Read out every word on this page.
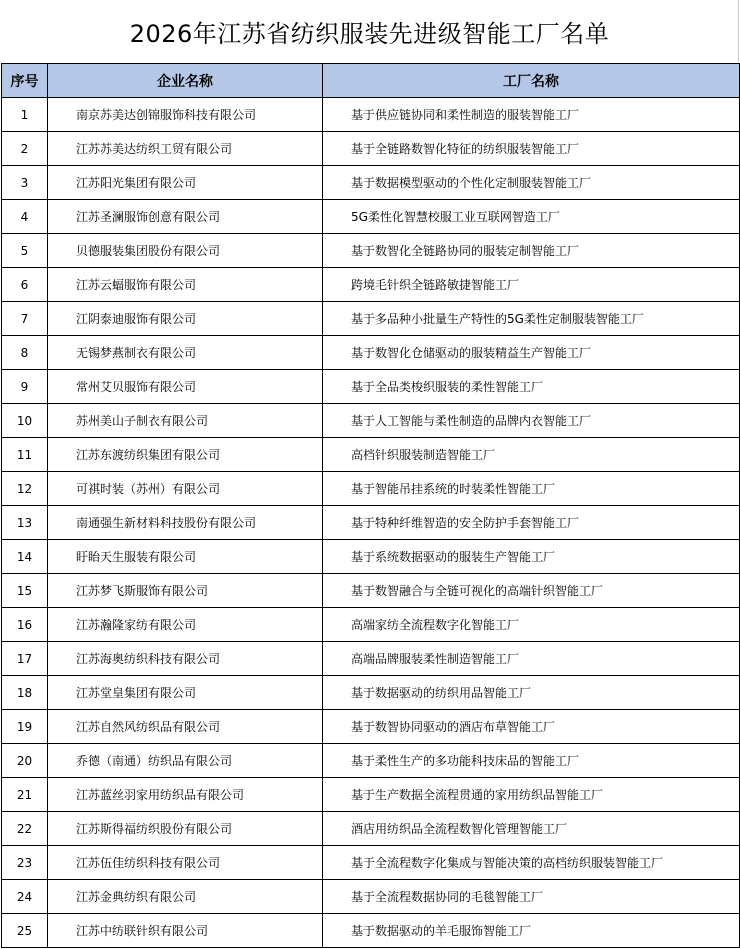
2026年江苏省纺织服装先进级智能工厂名单
序号	企业名称	工厂名称
1	南京苏美达创锦服饰科技有限公司	基于供应链协同和柔性制造的服装智能工厂
2	江苏苏美达纺织工贸有限公司	基于全链路数智化特征的纺织服装智能工厂
3	江苏阳光集团有限公司	基于数据模型驱动的个性化定制服装智能工厂
4	江苏圣澜服饰创意有限公司	5G柔性化智慧校服工业互联网智造工厂
5	贝德服装集团股份有限公司	基于数智化全链路协同的服装定制智能工厂
6	江苏云蝠服饰有限公司	跨境毛针织全链路敏捷智能工厂
7	江阴泰迪服饰有限公司	基于多品种小批量生产特性的5G柔性定制服装智能工厂
8	无锡梦燕制衣有限公司	基于数智化仓储驱动的服装精益生产智能工厂
9	常州艾贝服饰有限公司	基于全品类梭织服装的柔性智能工厂
10	苏州美山子制衣有限公司	基于人工智能与柔性制造的品牌内衣智能工厂
11	江苏东渡纺织集团有限公司	高档针织服装制造智能工厂
12	可祺时装（苏州）有限公司	基于智能吊挂系统的时装柔性智能工厂
13	南通强生新材料科技股份有限公司	基于特种纤维智造的安全防护手套智能工厂
14	盱眙天生服装有限公司	基于系统数据驱动的服装生产智能工厂
15	江苏梦飞斯服饰有限公司	基于数智融合与全链可视化的高端针织智能工厂
16	江苏瀚隆家纺有限公司	高端家纺全流程数字化智能工厂
17	江苏海奥纺织科技有限公司	高端品牌服装柔性制造智能工厂
18	江苏堂皇集团有限公司	基于数据驱动的纺织用品智能工厂
19	江苏自然风纺织品有限公司	基于数智协同驱动的酒店布草智能工厂
20	乔德（南通）纺织品有限公司	基于柔性生产的多功能科技床品的智能工厂
21	江苏蓝丝羽家用纺织品有限公司	基于生产数据全流程贯通的家用纺织品智能工厂
22	江苏斯得福纺织股份有限公司	酒店用纺织品全流程数智化管理智能工厂
23	江苏伍佳纺织科技有限公司	基于全流程数字化集成与智能决策的高档纺织服装智能工厂
24	江苏金典纺织有限公司	基于全流程数据协同的毛毯智能工厂
25	江苏中纺联针织有限公司	基于数据驱动的羊毛服饰智能工厂
